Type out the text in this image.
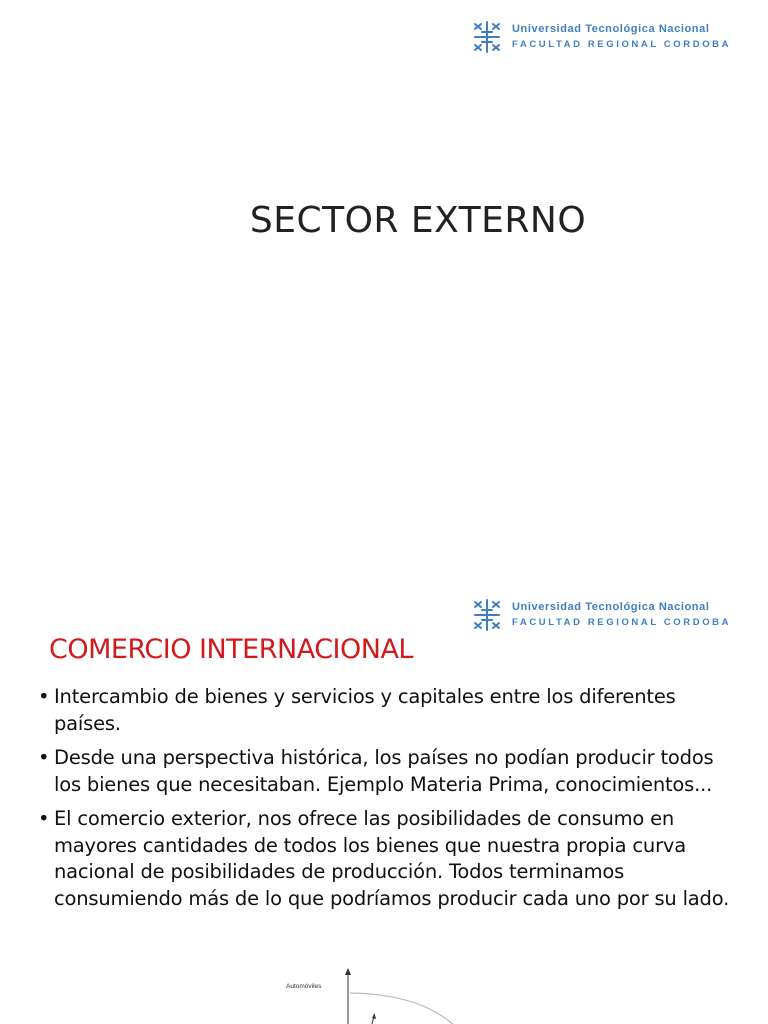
Universidad Tecnológica Nacional
FACULTAD REGIONAL CORDOBA
SECTOR EXTERNO
Universidad Tecnológica Nacional
FACULTAD REGIONAL CORDOBA
COMERCIO INTERNACIONAL
• Intercambio de bienes y servicios y capitales entre los diferentes países.
• Desde una perspectiva histórica, los países no podían producir todos los bienes que necesitaban. Ejemplo Materia Prima, conocimientos...
• El comercio exterior, nos ofrece las posibilidades de consumo en mayores cantidades de todos los bienes que nuestra propia curva nacional de posibilidades de producción. Todos terminamos consumiendo más de lo que podríamos producir cada uno por su lado.
Automóviles
